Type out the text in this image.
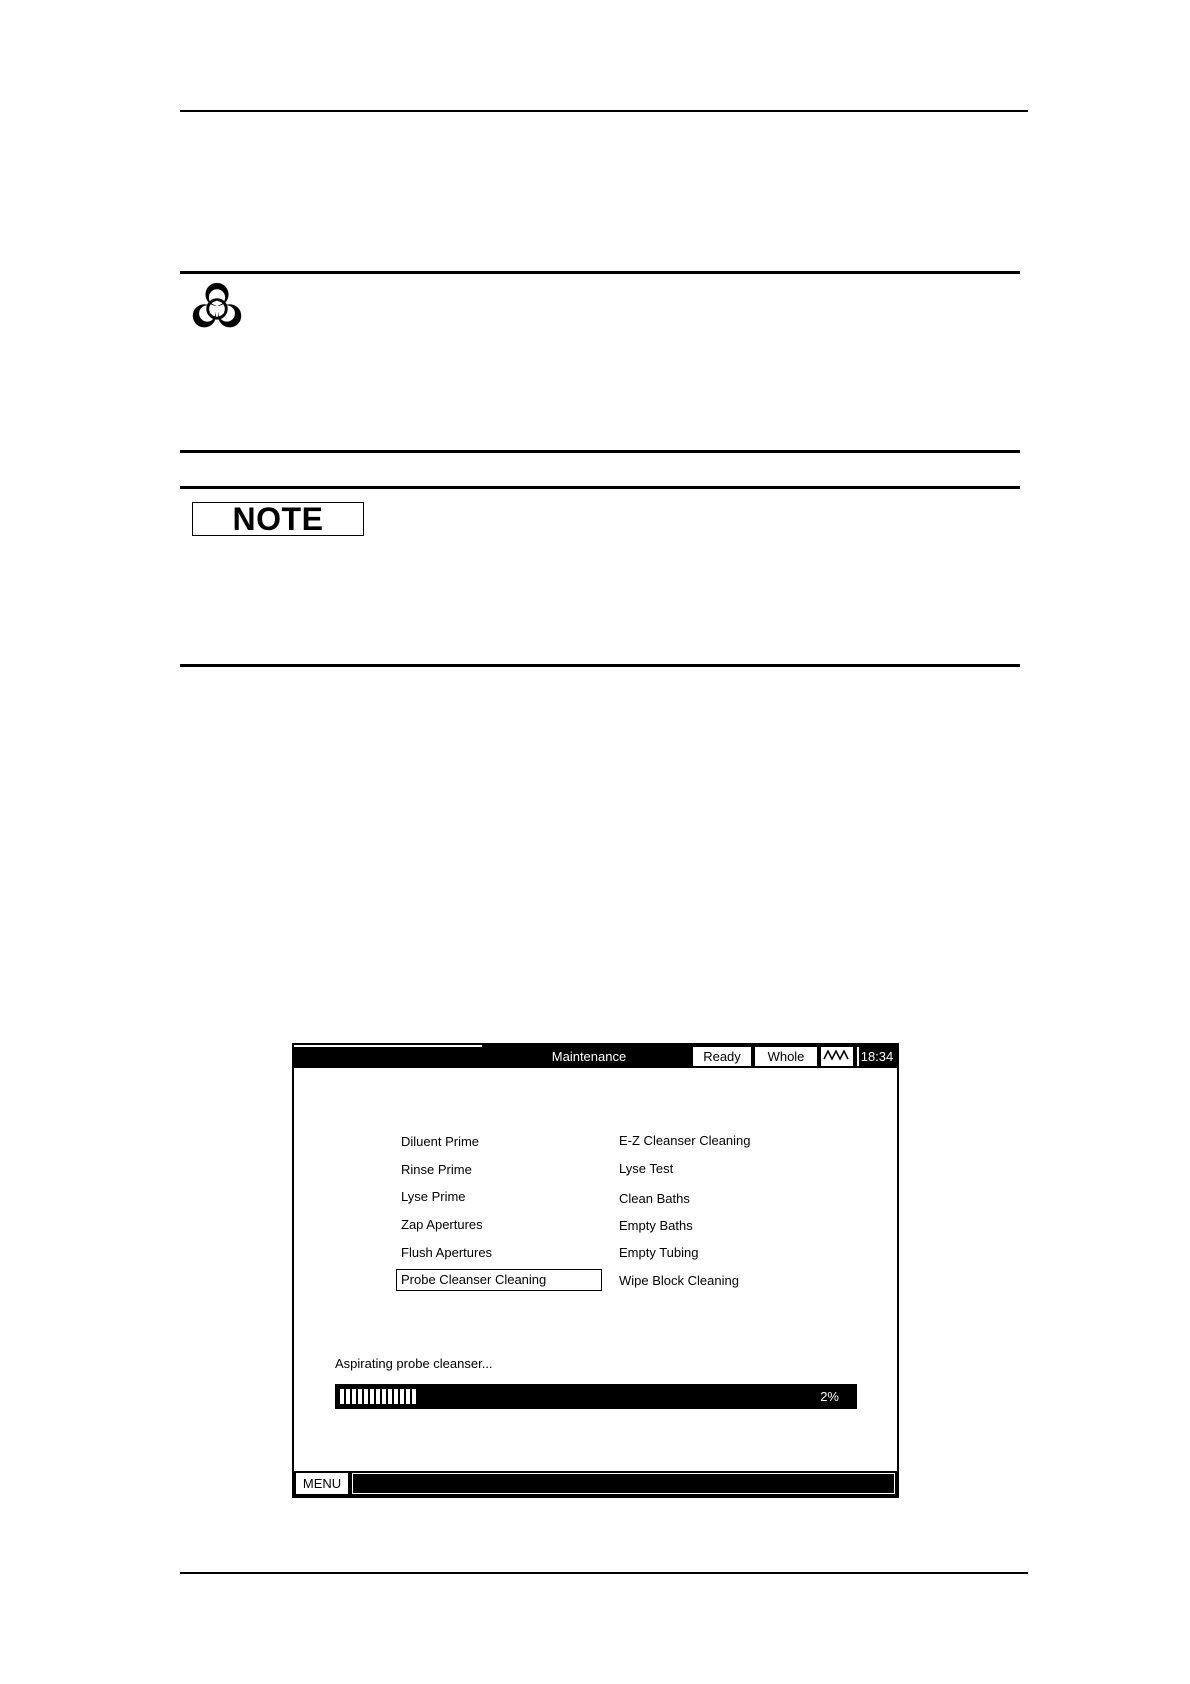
NOTE
Maintenance	Ready	Whole	18:34
Diluent Prime
Rinse Prime
Lyse Prime
Zap Apertures
Flush Apertures
Probe Cleanser Cleaning
E-Z Cleanser Cleaning
Lyse Test
Clean Baths
Empty Baths
Empty Tubing
Wipe Block Cleaning
Aspirating probe cleanser...
2%
MENU
